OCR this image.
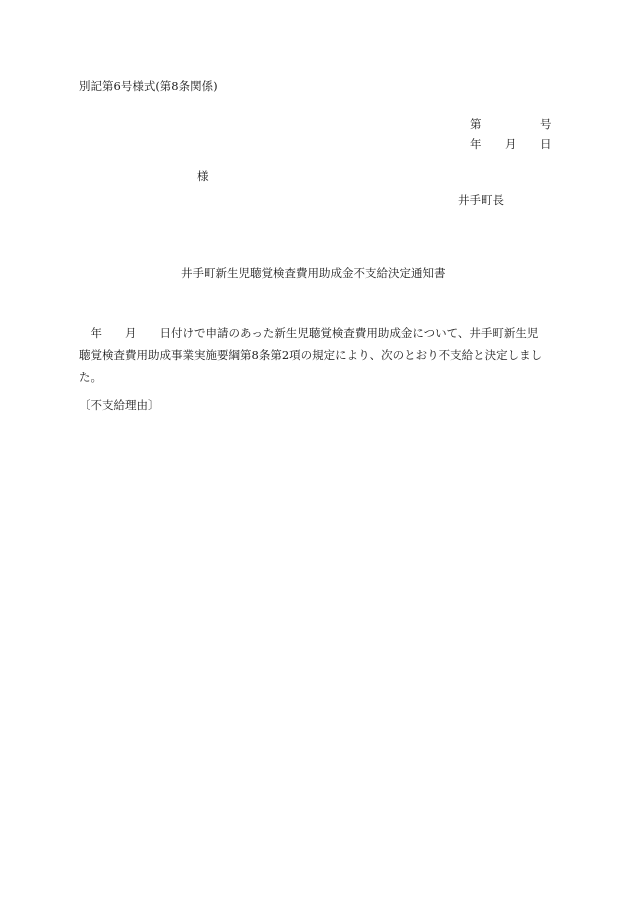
別記第6号様式(第8条関係)
第	号
年 月 日
様
井手町長
井手町新生児聴覚検査費用助成金不支給決定通知書
　年　　月　　日付けで申請のあった新生児聴覚検査費用助成金について、井手町新生児
聴覚検査費用助成事業実施要綱第8条第2項の規定により、次のとおり不支給と決定しまし
た。
〔不支給理由〕
